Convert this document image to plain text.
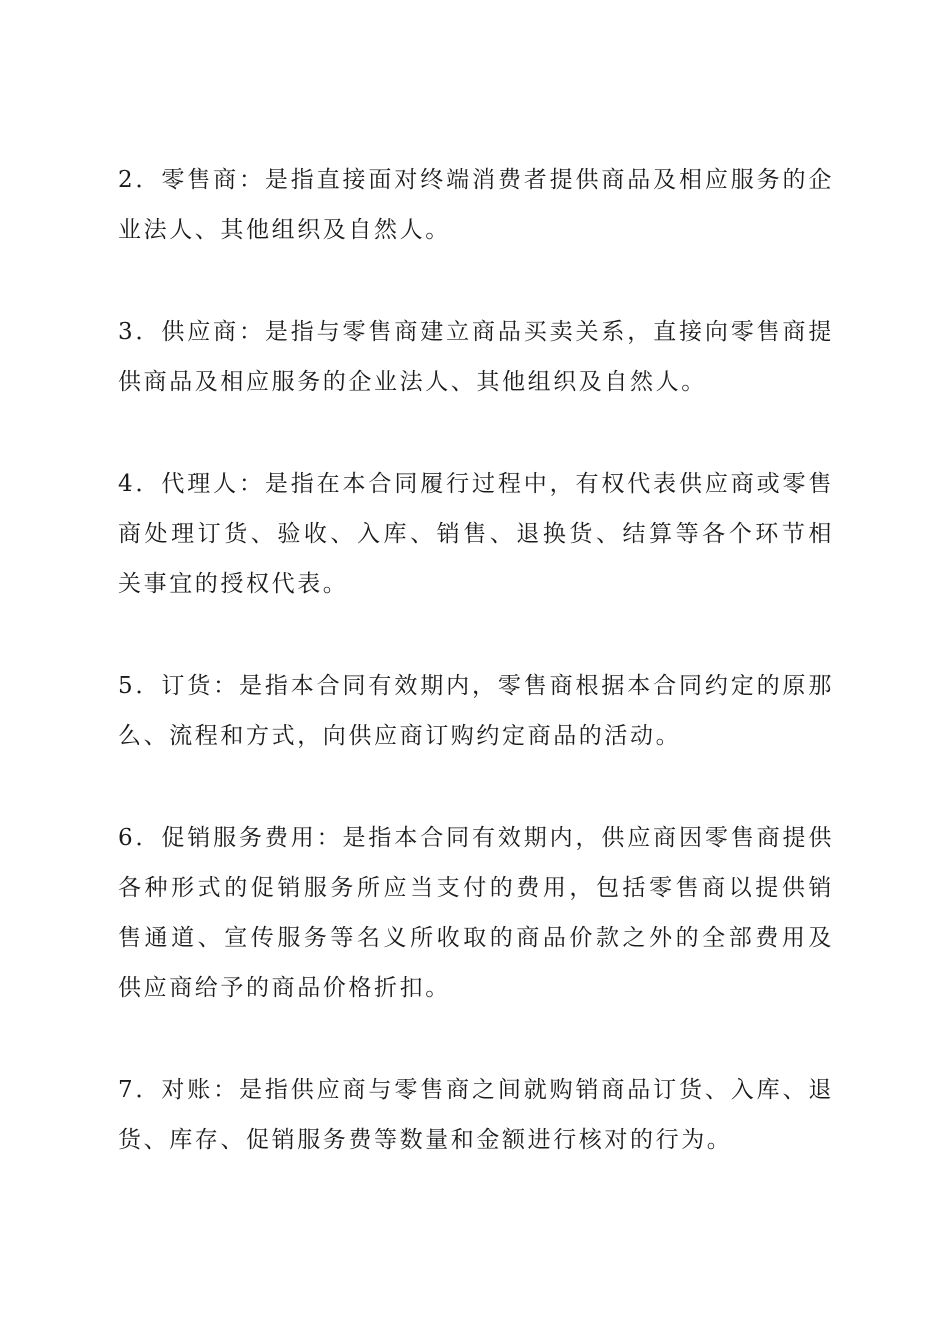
2．零售商：是指直接面对终端消费者提供商品及相应服务的企业法人、其他组织及自然人。

3．供应商：是指与零售商建立商品买卖关系，直接向零售商提供商品及相应服务的企业法人、其他组织及自然人。

4．代理人：是指在本合同履行过程中，有权代表供应商或零售商处理订货、验收、入库、销售、退换货、结算等各个环节相关事宜的授权代表。

5．订货：是指本合同有效期内，零售商根据本合同约定的原那么、流程和方式，向供应商订购约定商品的活动。

6．促销服务费用：是指本合同有效期内，供应商因零售商提供各种形式的促销服务所应当支付的费用，包括零售商以提供销售通道、宣传服务等名义所收取的商品价款之外的全部费用及供应商给予的商品价格折扣。

7．对账：是指供应商与零售商之间就购销商品订货、入库、退货、库存、促销服务费等数量和金额进行核对的行为。
